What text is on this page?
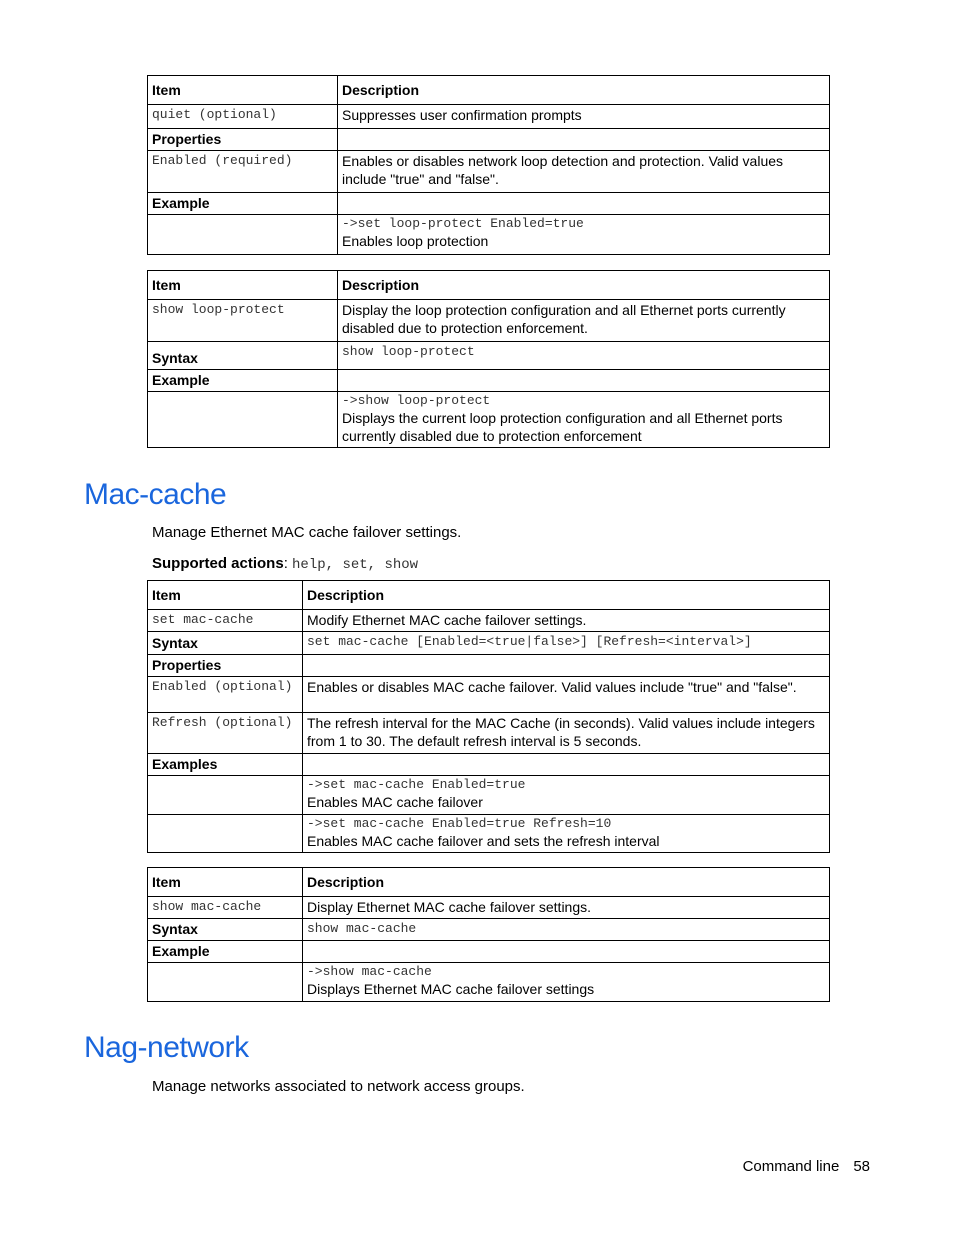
Item	Description
quiet (optional)	Suppresses user confirmation prompts
Properties	
Enabled (required)	Enables or disables network loop detection and protection. Valid values include "true" and "false".
Example	

	->set loop-protect Enabled=true
Enables loop protection
Item	Description
show loop-protect	Display the loop protection configuration and all Ethernet ports currently disabled due to protection enforcement.
Syntax	show loop-protect
Example	

	->show loop-protect
Displays the current loop protection configuration and all Ethernet ports currently disabled due to protection enforcement
Mac-cache

Manage Ethernet MAC cache failover settings.

Supported actions: help, set, show

Item	Description
set mac-cache	Modify Ethernet MAC cache failover settings.
Syntax	set mac-cache [Enabled=<true|false>] [Refresh=<interval>]
Properties	
Enabled (optional)	Enables or disables MAC cache failover. Valid values include "true" and "false".
Refresh (optional)	The refresh interval for the MAC Cache (in seconds). Valid values include integers from 1 to 30. The default refresh interval is 5 seconds.
Examples	

	->set mac-cache Enabled=true
Enables MAC cache failover

	->set mac-cache Enabled=true Refresh=10
Enables MAC cache failover and sets the refresh interval
Item	Description
show mac-cache	Display Ethernet MAC cache failover settings.
Syntax	show mac-cache
Example	

	->show mac-cache
Displays Ethernet MAC cache failover settings
Nag-network

Manage networks associated to network access groups.

Command line 58
